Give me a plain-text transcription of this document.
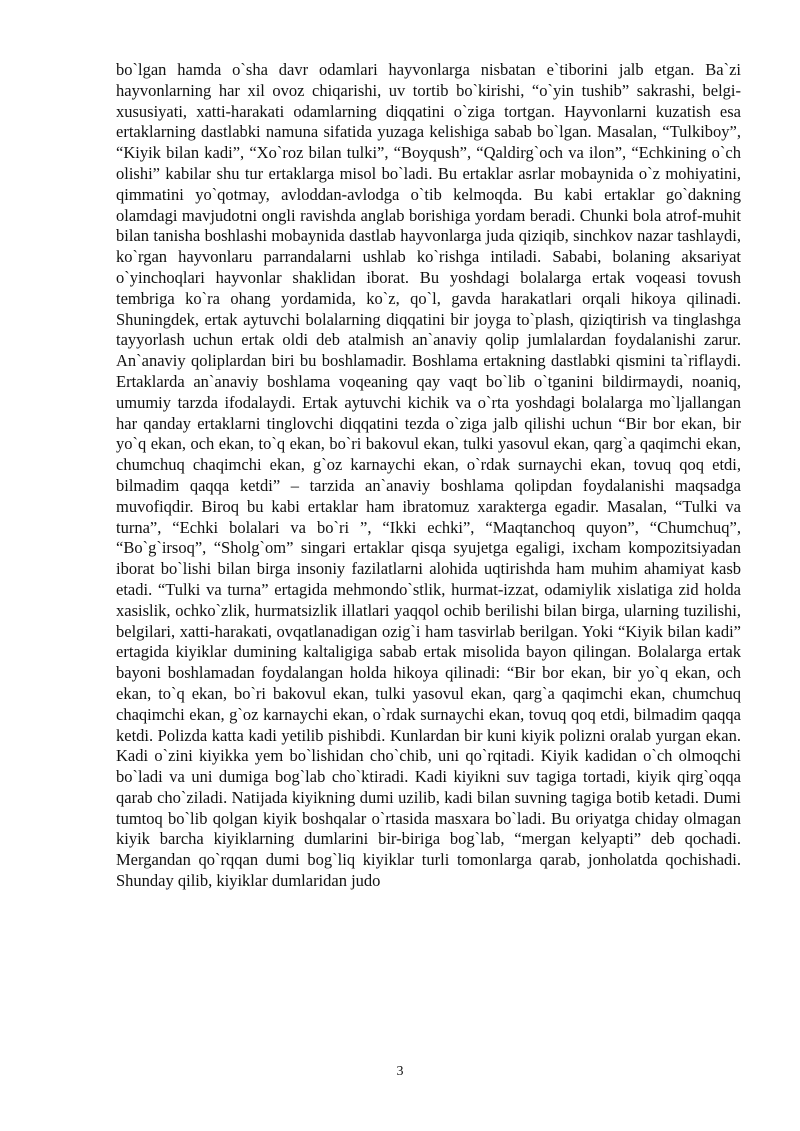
bo`lgan hamda o`sha davr odamlari hayvonlarga nisbatan e`tiborini jalb etgan. Ba`zi hayvonlarning har xil ovoz chiqarishi, uv tortib bo`kirishi, “o`yin tushib” sakrashi, belgi-xususiyati, xatti-harakati odamlarning diqqatini o`ziga tortgan. Hayvonlarni kuzatish esa ertaklarning dastlabki namuna sifatida yuzaga kelishiga sabab bo`lgan. Masalan, “Tulkiboy”, “Kiyik bilan kadi”, “Xo`roz bilan tulki”, “Boyqush”, “Qaldirg`och va ilon”, “Echkining o`ch olishi” kabilar shu tur ertaklarga misol bo`ladi. Bu ertaklar asrlar mobaynida o`z mohiyatini, qimmatini yo`qotmay, avloddan-avlodga o`tib kelmoqda. Bu kabi ertaklar go`dakning olamdagi mavjudotni ongli ravishda anglab borishiga yordam beradi. Chunki bola atrof-muhit bilan tanisha boshlashi mobaynida dastlab hayvonlarga juda qiziqib, sinchkov nazar tashlaydi, ko`rgan hayvonlaru parrandalarni ushlab ko`rishga intiladi. Sababi, bolaning aksariyat o`yinchoqlari hayvonlar shaklidan iborat. Bu yoshdagi bolalarga ertak voqeasi tovush tembriga ko`ra ohang yordamida, ko`z, qo`l, gavda harakatlari orqali hikoya qilinadi. Shuningdek, ertak aytuvchi bolalarning diqqatini bir joyga to`plash, qiziqtirish va tinglashga tayyorlash uchun ertak oldi deb atalmish an`anaviy qolip jumlalardan foydalanishi zarur. An`anaviy qoliplardan biri bu boshlamadir. Boshlama ertakning dastlabki qismini ta`riflaydi. Ertaklarda an`anaviy boshlama voqeaning qay vaqt bo`lib o`tganini bildirmaydi, noaniq, umumiy tarzda ifodalaydi. Ertak aytuvchi kichik va o`rta yoshdagi bolalarga mo`ljallangan har qanday ertaklarni tinglovchi diqqatini tezda o`ziga jalb qilishi uchun “Bir bor ekan, bir yo`q ekan, och ekan, to`q ekan, bo`ri bakovul ekan, tulki yasovul ekan, qarg`a qaqimchi ekan, chumchuq chaqimchi ekan, g`oz karnaychi ekan, o`rdak surnaychi ekan, tovuq qoq etdi, bilmadim qaqqa ketdi” – tarzida an`anaviy boshlama qolipdan foydalanishi maqsadga muvofiqdir. Biroq bu kabi ertaklar ham ibratomuz xarakterga egadir. Masalan, “Tulki va turna”, “Echki bolalari va bo`ri ”, “Ikki echki”, “Maqtanchoq quyon”, “Chumchuq”, “Bo`g`irsoq”, “Sholg`om” singari ertaklar qisqa syujetga egaligi, ixcham kompozitsiyadan iborat bo`lishi bilan birga insoniy fazilatlarni alohida uqtirishda ham muhim ahamiyat kasb etadi. “Tulki va turna” ertagida mehmondo`stlik, hurmat-izzat, odamiylik xislatiga zid holda xasislik, ochko`zlik, hurmatsizlik illatlari yaqqol ochib berilishi bilan birga, ularning tuzilishi, belgilari, xatti-harakati, ovqatlanadigan ozig`i ham tasvirlab berilgan. Yoki “Kiyik bilan kadi” ertagida kiyiklar dumining kaltaligiga sabab ertak misolida bayon qilingan. Bolalarga ertak bayoni boshlamadan foydalangan holda hikoya qilinadi: “Bir bor ekan, bir yo`q ekan, och ekan, to`q ekan, bo`ri bakovul ekan, tulki yasovul ekan, qarg`a qaqimchi ekan, chumchuq chaqimchi ekan, g`oz karnaychi ekan, o`rdak surnaychi ekan, tovuq qoq etdi, bilmadim qaqqa ketdi. Polizda katta kadi yetilib pishibdi. Kunlardan bir kuni kiyik polizni oralab yurgan ekan. Kadi o`zini kiyikka yem bo`lishidan cho`chib, uni qo`rqitadi. Kiyik kadidan o`ch olmoqchi bo`ladi va uni dumiga bog`lab cho`ktiradi. Kadi kiyikni suv tagiga tortadi, kiyik qirg`oqqa qarab cho`ziladi. Natijada kiyikning dumi uzilib, kadi bilan suvning tagiga botib ketadi. Dumi tumtoq bo`lib qolgan kiyik boshqalar o`rtasida masxara bo`ladi. Bu oriyatga chiday olmagan kiyik barcha kiyiklarning dumlarini bir-biriga bog`lab, “mergan kelyapti” deb qochadi. Mergandan qo`rqqan dumi bog`liq kiyiklar turli tomonlarga qarab, jonholatda qochishadi. Shunday qilib, kiyiklar dumlaridan judo

3
